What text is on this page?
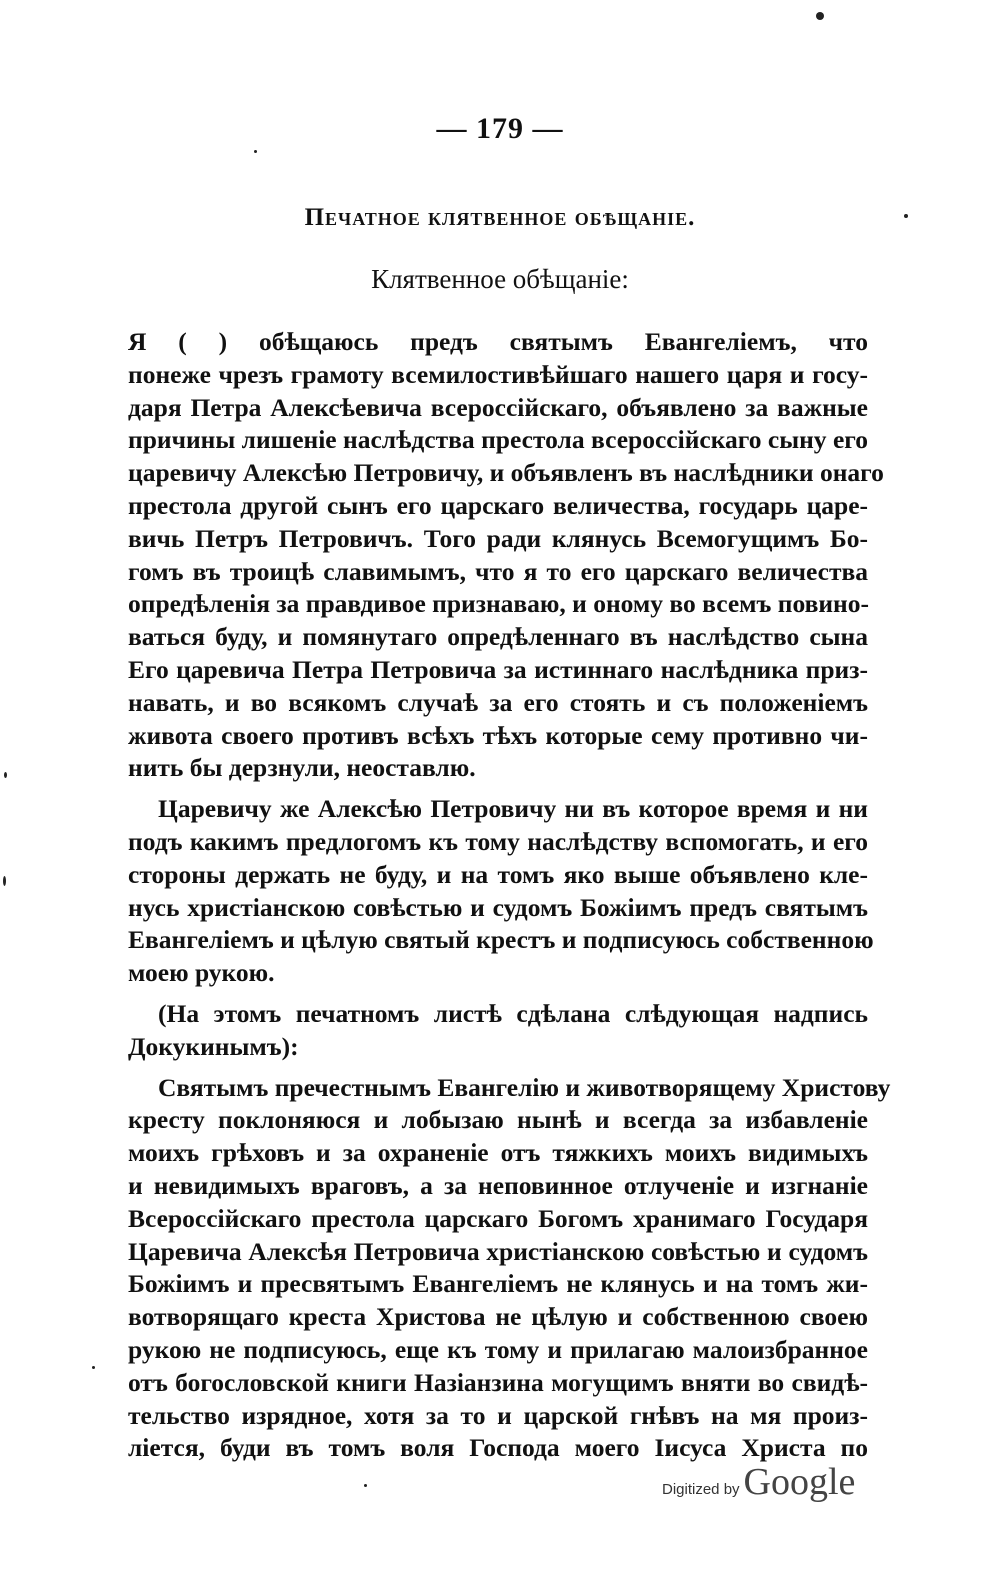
— 179 —
Печатное клятвенное обѣщаніе.
Клятвенное обѣщаніе:
Я ( ) обѣщаюсь предъ святымъ Евангеліемъ, что
понеже чрезъ грамоту всемилостивѣйшаго нашего царя и госу-
даря Петра Алексѣевича всероссійскаго, объявлено за важные
причины лишеніе наслѣдства престола всероссійскаго сыну его
царевичу Алексѣю Петровичу, и объявленъ въ наслѣдники онаго
престола другой сынъ его царскаго величества, государь царе-
вичь Петръ Петровичъ. Того ради клянусь Всемогущимъ Бо-
гомъ въ троицѣ славимымъ, что я то его царскаго величества
опредѣленія за правдивое признаваю, и оному во всемъ повино-
ваться буду, и помянутаго опредѣленнаго въ наслѣдство сына
Его царевича Петра Петровича за истиннаго наслѣдника приз-
навать, и во всякомъ случаѣ за его стоять и съ положеніемъ
живота своего противъ всѣхъ тѣхъ которые сему противно чи-
нить бы дерзнули, неоставлю.
Царевичу же Алексѣю Петровичу ни въ которое время и ни
подъ какимъ предлогомъ къ тому наслѣдству вспомогать, и его
стороны держать не буду, и на томъ яко выше объявлено кле-
нусь христіанскою совѣстью и судомъ Божіимъ предъ святымъ
Евангеліемъ и цѣлую святый крестъ и подписуюсь собственною
моею рукою.
(На этомъ печатномъ листѣ сдѣлана слѣдующая надпись
Докукинымъ):
Святымъ пречестнымъ Евангелію и животворящему Христову
кресту поклоняюся и лобызаю нынѣ и всегда за избавленіе
моихъ грѣховъ и за охраненіе отъ тяжкихъ моихъ видимыхъ
и невидимыхъ враговъ, а за неповинное отлученіе и изгнаніе
Всероссійскаго престола царскаго Богомъ хранимаго Государя
Царевича Алексѣя Петровича христіанскою совѣстью и судомъ
Божіимъ и пресвятымъ Евангеліемъ не клянусь и на томъ жи-
вотворящаго креста Христова не цѣлую и собственною своею
рукою не подписуюсь, еще къ тому и прилагаю малоизбранное
отъ богословской книги Назіанзина могущимъ вняти во свидѣ-
тельство изрядное, хотя за то и царской гнѣвъ на мя произ-
ліется, буди въ томъ воля Господа моего Іисуса Христа по
Digitized by Google
